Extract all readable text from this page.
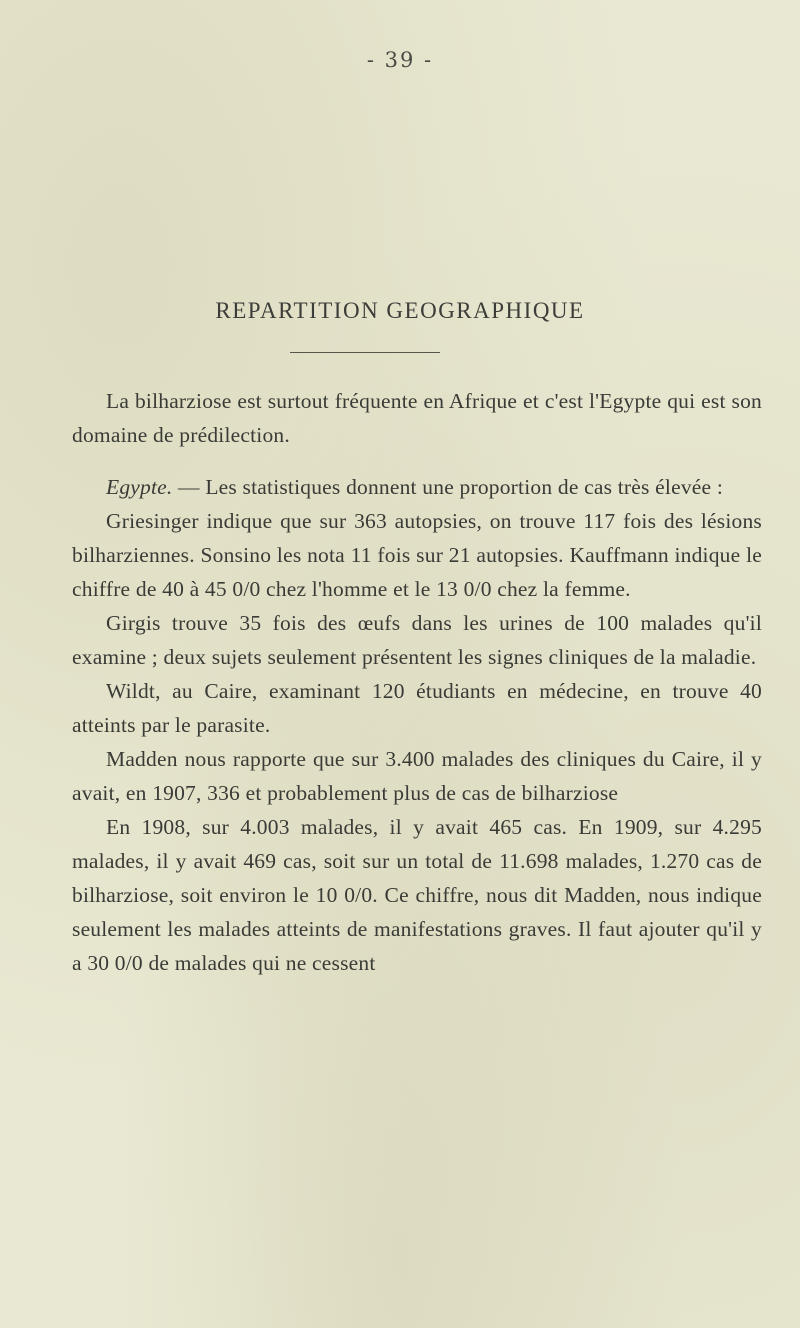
- 39 -
REPARTITION GEOGRAPHIQUE

La bilharziose est surtout fréquente en Afrique et c'est l'Egypte qui est son domaine de prédilection.

Egypte. — Les statistiques donnent une proportion de cas très élevée :

Griesinger indique que sur 363 autopsies, on trouve 117 fois des lésions bilharziennes. Sonsino les nota 11 fois sur 21 autopsies. Kauffmann indique le chiffre de 40 à 45 0/0 chez l'homme et le 13 0/0 chez la femme.

Girgis trouve 35 fois des œufs dans les urines de 100 malades qu'il examine ; deux sujets seulement présentent les signes cliniques de la maladie.

Wildt, au Caire, examinant 120 étudiants en médecine, en trouve 40 atteints par le parasite.

Madden nous rapporte que sur 3.400 malades des cliniques du Caire, il y avait, en 1907, 336 et probablement plus de cas de bilharziose

En 1908, sur 4.003 malades, il y avait 465 cas. En 1909, sur 4.295 malades, il y avait 469 cas, soit sur un total de 11.698 malades, 1.270 cas de bilharziose, soit environ le 10 0/0. Ce chiffre, nous dit Madden, nous indique seulement les malades atteints de manifestations graves. Il faut ajouter qu'il y a 30 0/0 de malades qui ne cessent
